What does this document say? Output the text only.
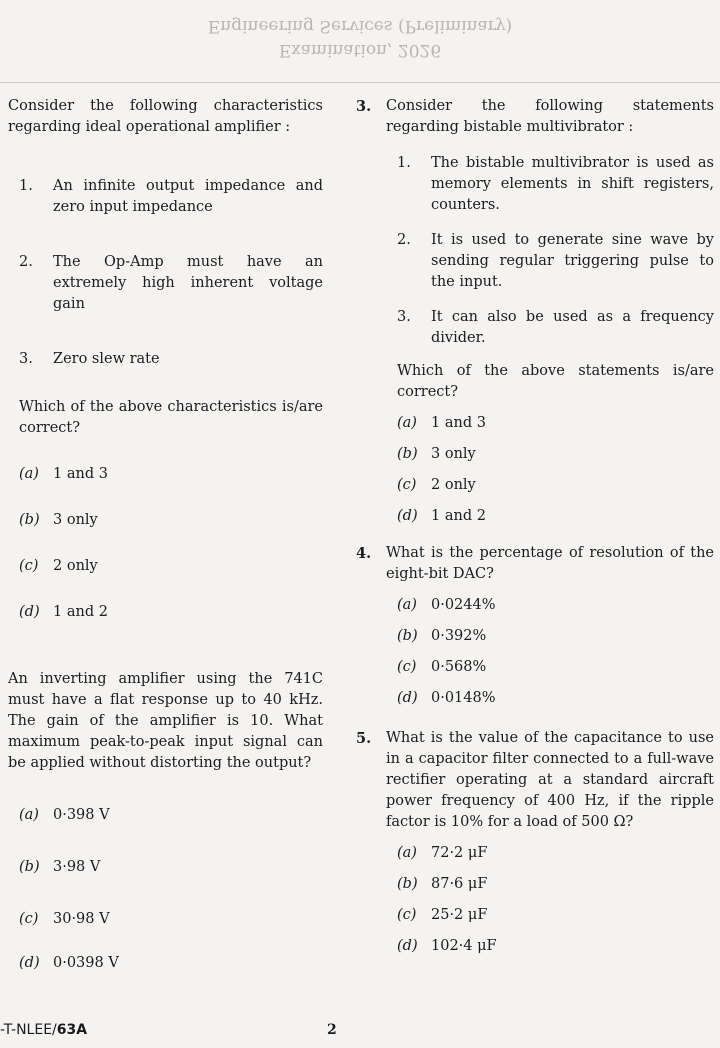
Engineering Services (Preliminary)
Examination, 2026
Consider the following characteristics regarding ideal operational amplifier :
1. An infinite output impedance and zero input impedance
2. The Op-Amp must have an extremely high inherent voltage gain
3. Zero slew rate
Which of the above characteristics is/are correct?
(a) 1 and 3
(b) 3 only
(c) 2 only
(d) 1 and 2
An inverting amplifier using the 741C must have a flat response up to 40 kHz. The gain of the amplifier is 10. What maximum peak-to-peak input signal can be applied without distorting the output?
(a) 0·398 V
(b) 3·98 V
(c) 30·98 V
(d) 0·0398 V
3. Consider the following statements regarding bistable multivibrator :
1. The bistable multivibrator is used as memory elements in shift registers, counters.
2. It is used to generate sine wave by sending regular triggering pulse to the input.
3. It can also be used as a frequency divider.
Which of the above statements is/are correct?
(a) 1 and 3
(b) 3 only
(c) 2 only
(d) 1 and 2
4. What is the percentage of resolution of the eight-bit DAC?
(a) 0·0244%
(b) 0·392%
(c) 0·568%
(d) 0·0148%
5. What is the value of the capacitance to use in a capacitor filter connected to a full-wave rectifier operating at a standard aircraft power frequency of 400 Hz, if the ripple factor is 10% for a load of 500 Ω?
(a) 72·2 μF
(b) 87·6 μF
(c) 25·2 μF
(d) 102·4 μF
-T-NLEE/63A	2
